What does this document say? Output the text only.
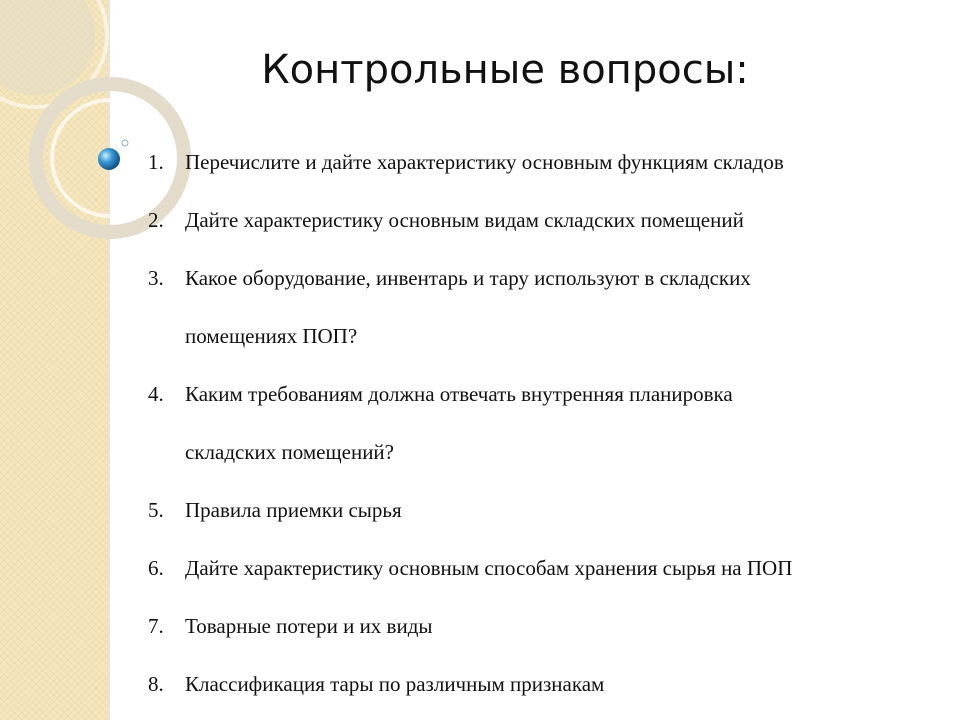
Контрольные вопросы:
1.	Перечислите и дайте характеристику основным функциям складов
2.	Дайте характеристику основным видам складских помещений
3.	Какое оборудование, инвентарь и тару используют в складских
помещениях ПОП?
4.	Каким требованиям должна отвечать внутренняя планировка
складских помещений?
5.	Правила приемки сырья
6.	Дайте характеристику основным способам хранения сырья на ПОП
7.	Товарные потери и их виды
8.	Классификация тары по различным признакам
